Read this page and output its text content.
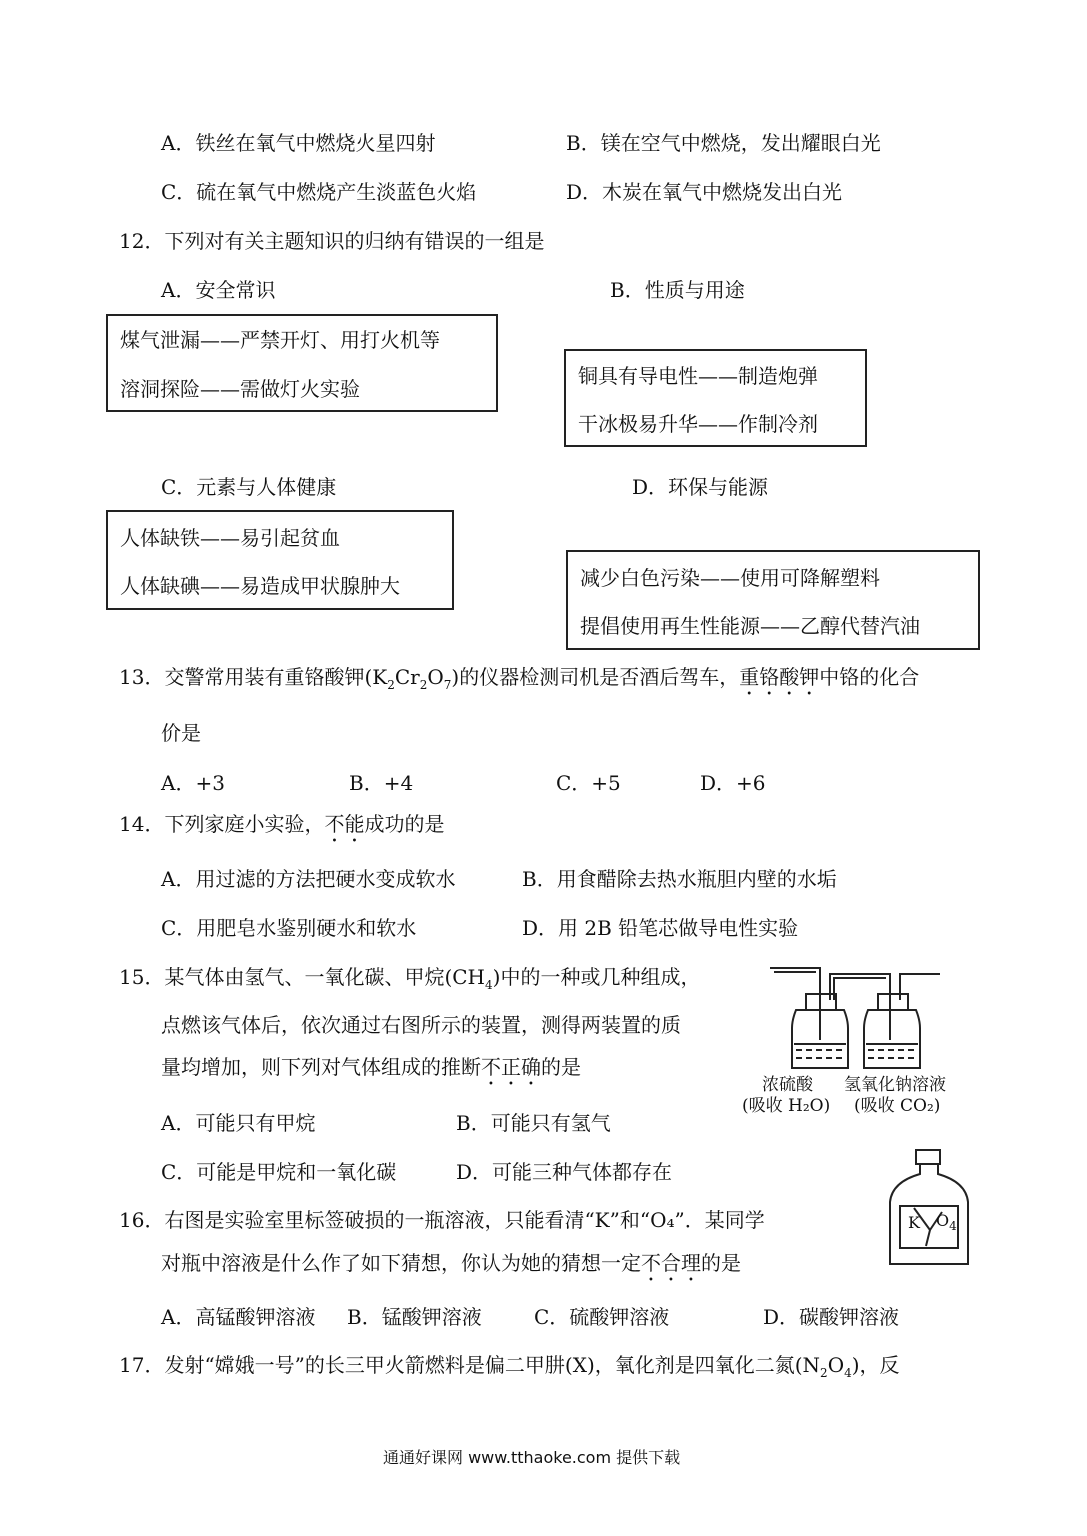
A．铁丝在氧气中燃烧火星四射	B．镁在空气中燃烧，发出耀眼白光
C．硫在氧气中燃烧产生淡蓝色火焰	D．木炭在氧气中燃烧发出白光
12．下列对有关主题知识的归纳有错误的一组是
A．安全常识	B．性质与用途
煤气泄漏——严禁开灯、用打火机等
溶洞探险——需做灯火实验
铜具有导电性——制造炮弹
干冰极易升华——作制冷剂
C．元素与人体健康	D．环保与能源
人体缺铁——易引起贫血
人体缺碘——易造成甲状腺肿大	减少白色污染——使用可降解塑料
提倡使用再生性能源——乙醇代替汽油
13．交警常用装有重铬酸钾$(K_2Cr_2O_7)$的仪器检测司机是否酒后驾车，重铬酸钾中铬的化合
价是
A．+3	B．+4	C．+5	D．+6
14．下列家庭小实验，不能成功的是
A．用过滤的方法把硬水变成软水	B．用食醋除去热水瓶胆内壁的水垢
C．用肥皂水鉴别硬水和软水	D．用 2B 铅笔芯做导电性实验
15．某气体由氢气、一氧化碳、甲烷$(CH_4)$中的一种或几种组成，
点燃该气体后，依次通过右图所示的装置，测得两装置的质
量均增加，则下列对气体组成的推断不正确的是
A．可能只有甲烷	B．可能只有氢气
C．可能是甲烷和一氧化碳	D．可能三种气体都存在
浓硫酸 氢氧化钠溶液
(吸收 H₂O) (吸收 CO₂)
16．右图是实验室里标签破损的一瓶溶液，只能看清“K”和“O₄”．某同学
对瓶中溶液是什么作了如下猜想，你认为她的猜想一定不合理的是
A．高锰酸钾溶液 B．锰酸钾溶液	C．硫酸钾溶液	D．碳酸钾溶液
K $O_4$
17．发射“嫦娥一号”的长三甲火箭燃料是偏二甲肼(X)，氧化剂是四氧化二氮$(N_2O_4)$，反
通通好课网 www.tthaoke.com 提供下载
